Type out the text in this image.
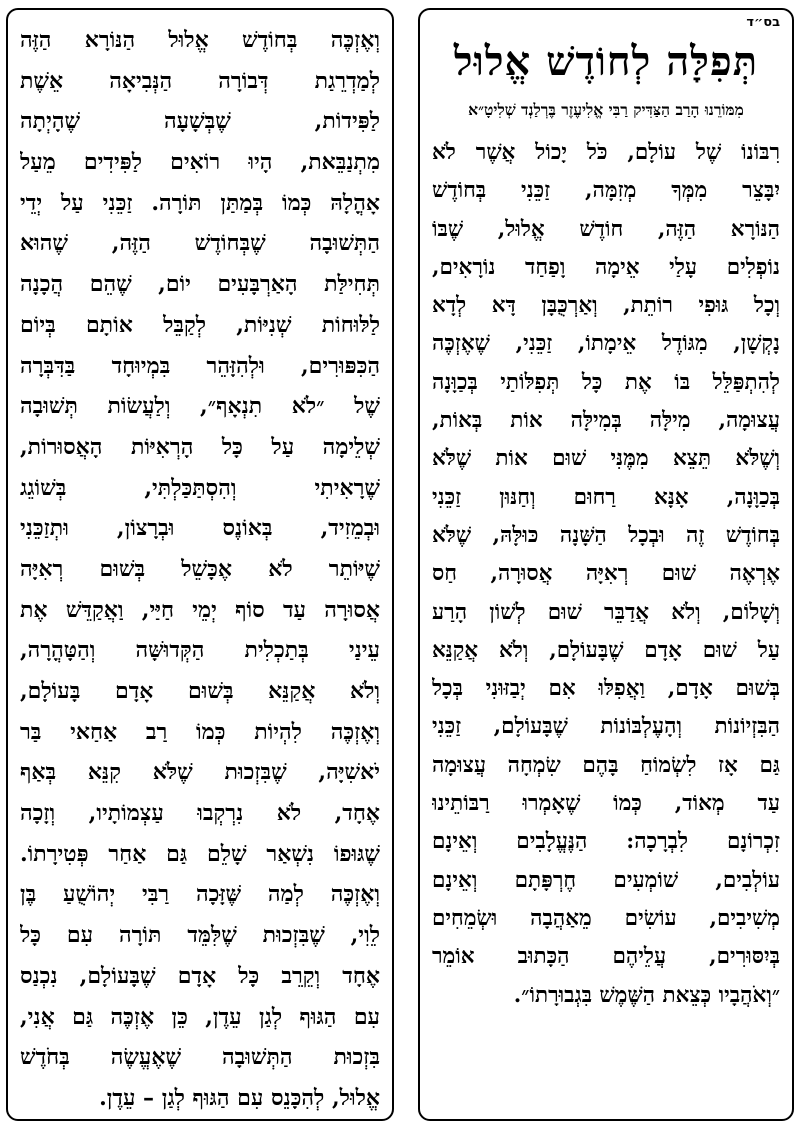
וְאֶזְכֶּה בְּחוֹדֶשׁ אֱלוּל הַנּוֹרָא הַזֶּה
לְמַדְרֵגַת דְּבוֹרָה הַנְּבִיאָה אֵשֶׁת
לַפִּידוֹת, שֶׁבְּשָׁעָה שֶׁהָיְתָה
מִתְנַבֵּאת, הָיוּ רוֹאִים לַפִּידִים מֵעַל
אָהֳלָהּ כְּמוֹ בְּמַתַּן תּוֹרָה. זַכֵּנִי עַל יְדֵי
הַתְּשׁוּבָה שֶׁבְּחוֹדֶשׁ הַזֶּה, שֶׁהוּא
תְּחִילַּת הָאַרְבָּעִים יוֹם, שֶׁהֵם הֲכָנָה
לַלּוּחוֹת שְׁנִיּוֹת, לְקַבֵּל אוֹתָם בְּיוֹם
הַכִּפּוּרִים, וּלְהִזָּהֵר בִּמְיוּחָד בַּדִּבְּרָה
שֶׁל ״לֹא תִנְאָף״, וְלַעֲשׂוֹת תְּשׁוּבָה
שְׁלֵימָה עַל כָּל הָרְאִיּוֹת הָאֲסוּרוֹת,
שֶׁרָאִיתִי וְהִסְתַּכַּלְתִּי, בְּשׁוֹגֵג
וּבְמֵזִיד, בְּאוֹנֶס וּבְרָצוֹן, וּתְזַכֵּנִי
שֶׁיּוֹתֵר לֹא אֶכָּשֵׁל בְּשׁוּם רְאִיָּה
אֲסוּרָה עַד סוֹף יְמֵי חַיַּי, וַאֲקַדֵּשׁ אֶת
עֵינַי בְּתַכְלִית הַקְּדוּשָּׁה וְהַטָּהֳרָה,
וְלֹא אֲקַנֵּא בְּשׁוּם אָדָם בָּעוֹלָם,
וְאֶזְכֶּה לִהְיוֹת כְּמוֹ רַב אַחַאי בַּר
יֹאשִׁיָּה, שֶׁבִּזְכוּת שֶׁלֹּא קִנֵּא בְּאַף
אֶחָד, לֹא נִרְקְבוּ עַצְמוֹתָיו, וְזָכָה
שֶׁגּוּפוֹ נִשְׁאַר שָׁלֵם גַּם אַחַר פְּטִירָתוֹ.
וְאֶזְכֶּה לְמַה שֶּׁזָּכָה רַבִּי יְהוֹשֻׁעַ בֶּן
לֵוִי, שֶׁבִּזְכוּת שֶׁלִּמֵּד תּוֹרָה עִם כָּל
אֶחָד וְקֵרֵב כָּל אָדָם שֶׁבָּעוֹלָם, נִכְנַס
עִם הַגּוּף לְגַן עֵדֶן, כֵּן אֶזְכֶּה גַּם אֲנִי,
בִּזְכוּת הַתְּשׁוּבָה שֶׁאֶעֱשֶׂה בְּחֹדֶשׁ
אֱלוּל, לְהִכָּנֵס עִם הַגּוּף לְגַן – עֵדֶן.
בס״ד
תְּפִלָּה לְחוֹדֶשׁ אֱלוּל
מִמּוֹרֵנוּ הָרַב הַצַּדִּיק רַבִּי אֱלִיעֶזֶר בֶּרְלַנְד שְׁלִיטָ״א
רִבּוֹנוֹ שֶׁל עוֹלָם, כֹּל יָכוֹל אֲשֶׁר לֹא
יִבָּצֵר מִמְּךָ מְזִמָּה, זַכֵּנִי בְּחוֹדֶשׁ
הַנּוֹרָא הַזֶּה, חוֹדֶשׁ אֱלוּל, שֶׁבּוֹ
נוֹפְלִים עָלַי אֵימָה וָפַחַד נוֹרָאִים,
וְכָל גּוּפִי רוֹתֵת, וְאַרְכֻּבָּן דָּא לְדָא
נָקְשָׁן, מִגּוֹדֶל אֵימָתוֹ, זַכֵּנִי, שֶׁאֶזְכֶּה
לְהִתְפַּלֵּל בּוֹ אֶת כָּל תְּפִלּוֹתַי בְּכַוָּנָה
עֲצוּמָה, מִילָּה בְּמִילָּה אוֹת בְּאוֹת,
וְשֶׁלֹּא תֵּצֵא מִמֶּנִּי שׁוּם אוֹת שֶׁלֹּא
בְּכַוָּנָה, אָנָּא רַחוּם וְחַנּוּן זַכֵּנִי
בְּחוֹדֶשׁ זֶה וּבְכָל הַשָּׁנָה כּוּלָּהּ, שֶׁלֹּא
אֶרְאֶה שׁוּם רְאִיָּה אֲסוּרָה, חַס
וְשָׁלוֹם, וְלֹא אֲדַבֵּר שׁוּם לְשׁוֹן הָרַע
עַל שׁוּם אָדָם שֶׁבָּעוֹלָם, וְלֹא אֲקַנֵּא
בְּשׁוּם אָדָם, וַאֲפִלּוּ אִם יְבַזּוּנִי בְּכָל
הַבִּזְיוֹנוֹת וְהָעֶלְבּוֹנוֹת שֶׁבָּעוֹלָם, זַכֵּנִי
גַּם אָז לִשְׂמוֹחַ בָּהֶם שִׂמְחָה עֲצוּמָה
עַד מְאוֹד, כְּמוֹ שֶׁאָמְרוּ רַבּוֹתֵינוּ
זִכְרוֹנָם לִבְרָכָה: הַנֶּעֱלָבִים וְאֵינָם
עוֹלְבִים, שׁוֹמְעִים חֶרְפָּתָם וְאֵינָם
מְשִׁיבִים, עוֹשִׂים מֵאַהֲבָה וּשְׂמֵחִים
בְּיִסּוּרִים, עֲלֵיהֶם הַכָּתוּב אוֹמֵר
״וְאֹהֲבָיו כְּצֵאת הַשֶּׁמֶשׁ בִּגְבוּרָתוֹ״.
